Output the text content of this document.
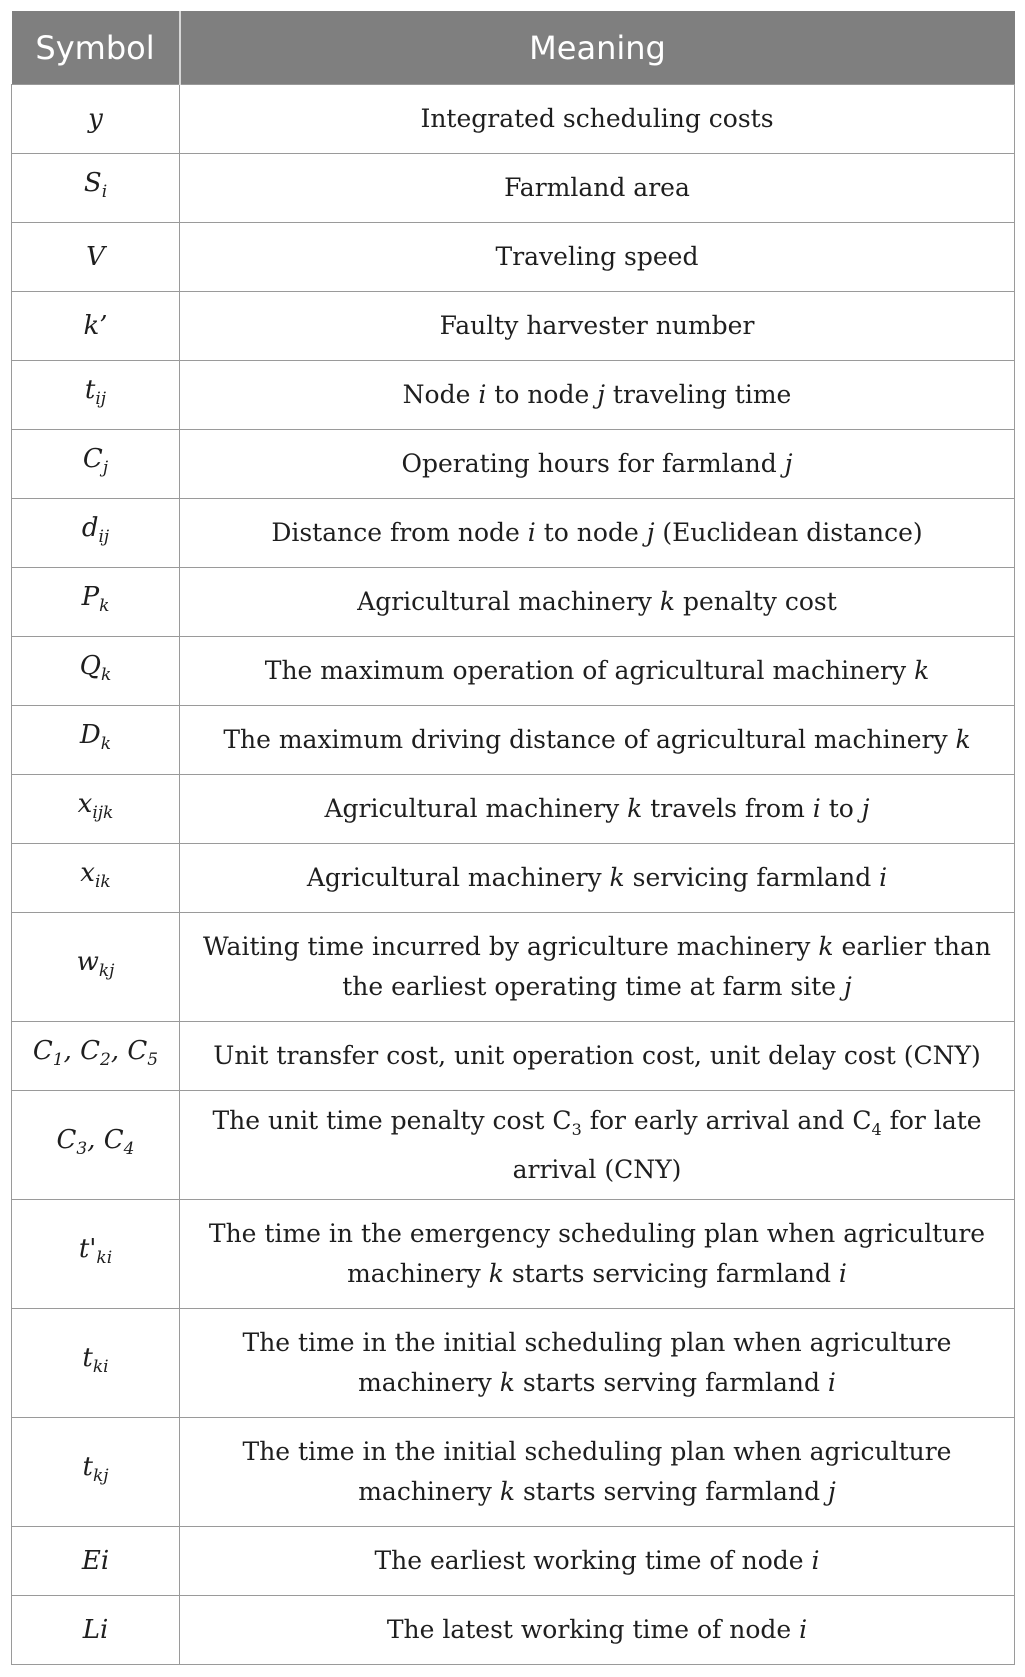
Symbol	Meaning
y	Integrated scheduling costs
$S_i$	Farmland area
V	Traveling speed
k’	Faulty harvester number
$t_{ij}$	Node i to node j traveling time
$C_j$	Operating hours for farmland j
$d_{ij}$	Distance from node i to node j (Euclidean distance)
$P_k$	Agricultural machinery k penalty cost
$Q_k$	The maximum operation of agricultural machinery k
$D_k$	The maximum driving distance of agricultural machinery k
$x_{ijk}$	Agricultural machinery k travels from i to j
$x_{ik}$	Agricultural machinery k servicing farmland i
$w_{kj}$	Waiting time incurred by agriculture machinery k earlier than the earliest operating time at farm site j
$C_1$, $C_2$, $C_5$	Unit transfer cost, unit operation cost, unit delay cost (CNY)
$C_3$, $C_4$	The unit time penalty cost $C_3$ for early arrival and $C_4$ for late arrival (CNY)
$t'_{ki}$	The time in the emergency scheduling plan when agriculture machinery k starts servicing farmland i
$t_{ki}$	The time in the initial scheduling plan when agriculture machinery k starts serving farmland i
$t_{kj}$	The time in the initial scheduling plan when agriculture machinery k starts serving farmland j
Ei	The earliest working time of node i
Li	The latest working time of node i
